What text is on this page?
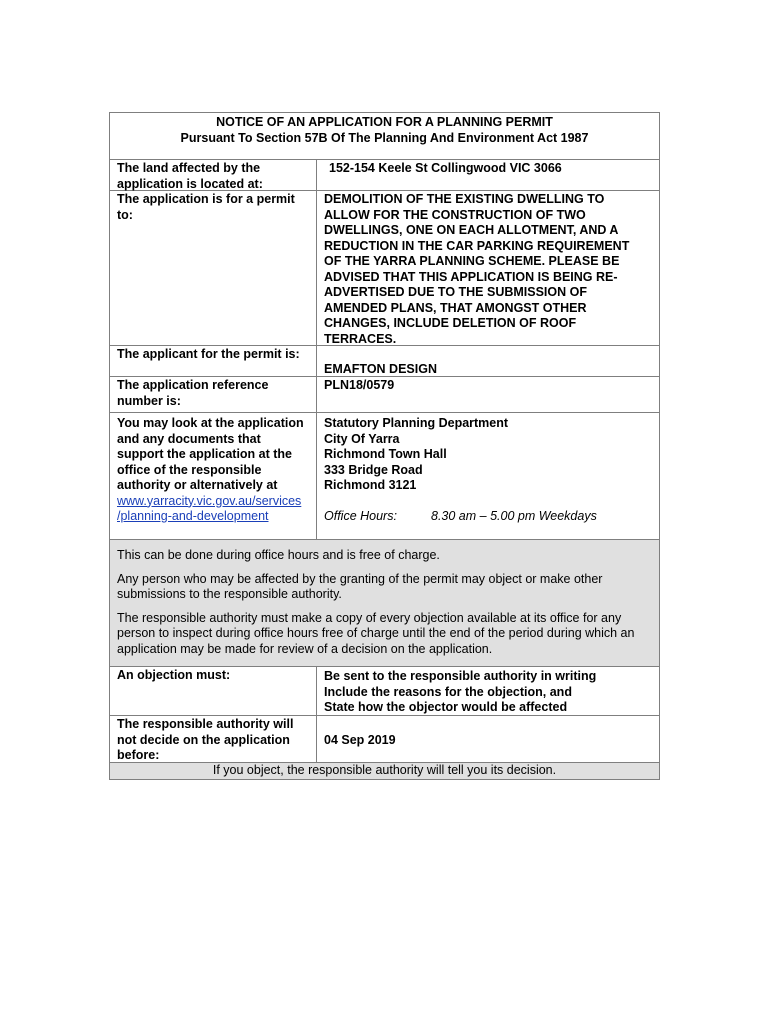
NOTICE OF AN APPLICATION FOR A PLANNING PERMIT
Pursuant To Section 57B Of The Planning And Environment Act 1987
The land affected by the
application is located at:
152-154 Keele St Collingwood VIC 3066
The application is for a permit
to:
DEMOLITION OF THE EXISTING DWELLING TO
ALLOW FOR THE CONSTRUCTION OF TWO
DWELLINGS, ONE ON EACH ALLOTMENT, AND A
REDUCTION IN THE CAR PARKING REQUIREMENT
OF THE YARRA PLANNING SCHEME. PLEASE BE
ADVISED THAT THIS APPLICATION IS BEING RE-
ADVERTISED DUE TO THE SUBMISSION OF
AMENDED PLANS, THAT AMONGST OTHER
CHANGES, INCLUDE DELETION OF ROOF
TERRACES.
The applicant for the permit is:
EMAFTON DESIGN
The application reference
number is:
PLN18/0579
You may look at the application
and any documents that
support the application at the
office of the responsible
authority or alternatively at
www.yarracity.vic.gov.au/services
/planning-and-development
Statutory Planning Department
City Of Yarra
Richmond Town Hall
333 Bridge Road
Richmond 3121
Office Hours:	8.30 am – 5.00 pm Weekdays

This can be done during office hours and is free of charge.

Any person who may be affected by the granting of the permit may object or make other submissions to the responsible authority.

The responsible authority must make a copy of every objection available at its office for any person to inspect during office hours free of charge until the end of the period during which an application may be made for review of a decision on the application.

An objection must:	Be sent to the responsible authority in writing
Include the reasons for the objection, and
State how the objector would be affected
The responsible authority will
not decide on the application
before:
04 Sep 2019
If you object, the responsible authority will tell you its decision.
